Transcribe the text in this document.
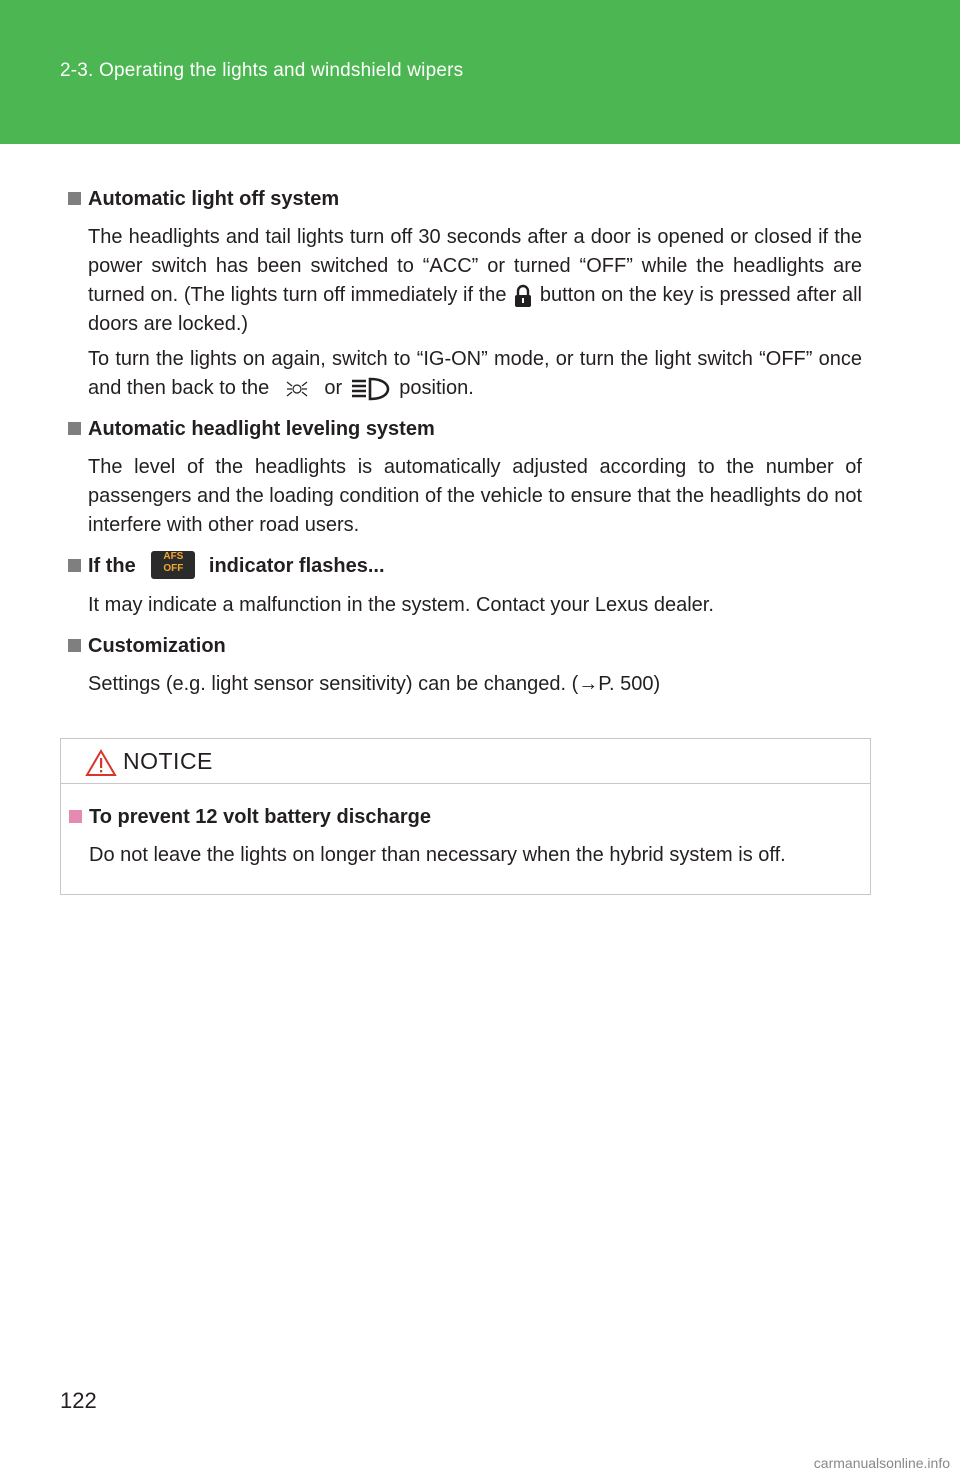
2-3. Operating the lights and windshield wipers
Automatic light off system

The headlights and tail lights turn off 30 seconds after a door is opened or closed if the power switch has been switched to “ACC” or turned “OFF” while the headlights are turned on. (The lights turn off immediately if the button on the key is pressed after all doors are locked.)

To turn the lights on again, switch to “IG-ON” mode, or turn the light switch “OFF” once and then back to the	or	position.

Automatic headlight leveling system

The level of the headlights is automatically adjusted according to the number of passengers and the loading condition of the vehicle to ensure that the headlights do not interfere with other road users.

If the	AFS
OFF	indicator flashes...

It may indicate a malfunction in the system. Contact your Lexus dealer.

Customization

Settings (e.g. light sensor sensitivity) can be changed. (→P. 500)

NOTICE
To prevent 12 volt battery discharge

Do not leave the lights on longer than necessary when the hybrid system is off.

122
carmanualsonline.info
